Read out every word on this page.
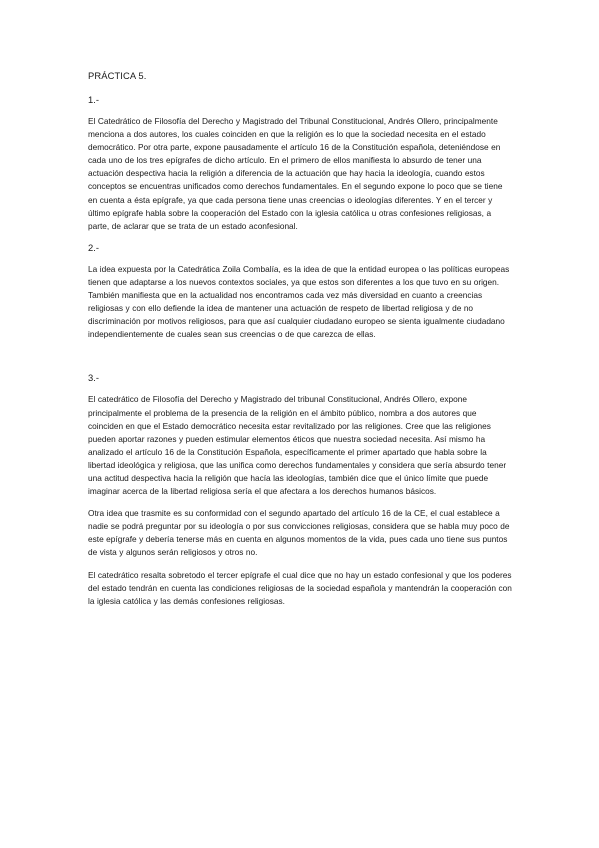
PRÁCTICA 5.
1.-

El Catedrático de Filosofía del Derecho y Magistrado del Tribunal Constitucional, Andrés Ollero, principalmente menciona a dos autores, los cuales coinciden en que la religión es lo que la sociedad necesita en el estado democrático. Por otra parte, expone pausadamente el artículo 16 de la Constitución española, deteniéndose en cada uno de los tres epígrafes de dicho artículo. En el primero de ellos manifiesta lo absurdo de tener una actuación despectiva hacia la religión a diferencia de la actuación que hay hacia la ideología, cuando estos conceptos se encuentras unificados como derechos fundamentales. En el segundo expone lo poco que se tiene en cuenta a ésta epígrafe, ya que cada persona tiene unas creencias o ideologías diferentes. Y en el tercer y último epígrafe habla sobre la cooperación del Estado con la iglesia católica u otras confesiones religiosas, a parte, de aclarar que se trata de un estado aconfesional.

2.-

La idea expuesta por la Catedrática Zoila Combalía, es la idea de que la entidad europea o las políticas europeas tienen que adaptarse a los nuevos contextos sociales, ya que estos son diferentes a los que tuvo en su origen. También manifiesta que en la actualidad nos encontramos cada vez más diversidad en cuanto a creencias religiosas y con ello defiende la idea de mantener una actuación de respeto de libertad religiosa y de no discriminación por motivos religiosos, para que así cualquier ciudadano europeo se sienta igualmente ciudadano independientemente de cuales sean sus creencias o de que carezca de ellas.

3.-

El catedrático de Filosofía del Derecho y Magistrado del tribunal Constitucional, Andrés Ollero, expone principalmente el problema de la presencia de la religión en el ámbito público, nombra a dos autores que coinciden en que el Estado democrático necesita estar revitalizado por las religiones. Cree que las religiones pueden aportar razones y pueden estimular elementos éticos que nuestra sociedad necesita. Así mismo ha analizado el artículo 16 de la Constitución Española, específicamente el primer apartado que habla sobre la libertad ideológica y religiosa, que las unifica como derechos fundamentales y considera que sería absurdo tener una actitud despectiva hacia la religión que hacía las ideologías, también dice que el único límite que puede imaginar acerca de la libertad religiosa sería el que afectara a los derechos humanos básicos.

Otra idea que trasmite es su conformidad con el segundo apartado del artículo 16 de la CE, el cual establece a nadie se podrá preguntar por su ideología o por sus convicciones religiosas, considera que se habla muy poco de este epígrafe y debería tenerse más en cuenta en algunos momentos de la vida, pues cada uno tiene sus puntos de vista y algunos serán religiosos y otros no.

El catedrático resalta sobretodo el tercer epígrafe el cual dice que no hay un estado confesional y que los poderes del estado tendrán en cuenta las condiciones religiosas de la sociedad española y mantendrán la cooperación con la iglesia católica y las demás confesiones religiosas.
